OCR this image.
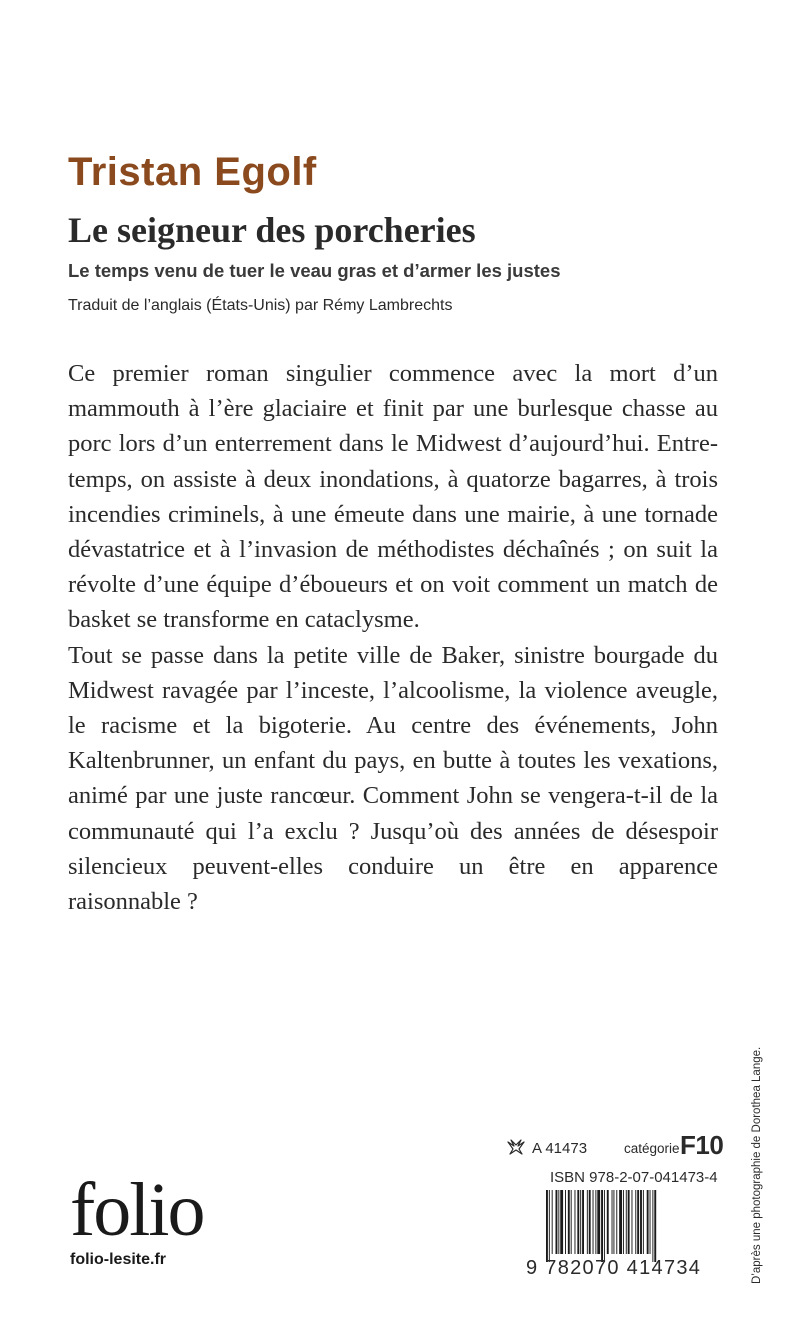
Tristan Egolf
Le seigneur des porcheries
Le temps venu de tuer le veau gras et d’armer les justes
Traduit de l’anglais (États-Unis) par Rémy Lambrechts

Ce premier roman singulier commence avec la mort d’un mammouth à l’ère glaciaire et finit par une burlesque chasse au porc lors d’un enterrement dans le Midwest d’aujourd’hui. Entre-temps, on assiste à deux inondations, à quatorze bagarres, à trois incendies criminels, à une émeute dans une mairie, à une tornade dévastatrice et à l’invasion de méthodistes déchaînés ; on suit la révolte d’une équipe d’éboueurs et on voit comment un match de basket se transforme en cataclysme.

Tout se passe dans la petite ville de Baker, sinistre bourgade du Midwest ravagée par l’inceste, l’alcoolisme, la violence aveugle, le racisme et la bigoterie. Au centre des événements, John Kaltenbrunner, un enfant du pays, en butte à toutes les vexations, animé par une juste rancœur. Comment John se vengera-t-il de la communauté qui l’a exclu ? Jusqu’où des années de désespoir silencieux peuvent-elles conduire un être en apparence raisonnable ?

D’après une photographie de Dorothea Lange.
A 41473	catégorie F10
ISBN 978-2-07-041473-4
9 782070 414734
folio
folio-lesite.fr
